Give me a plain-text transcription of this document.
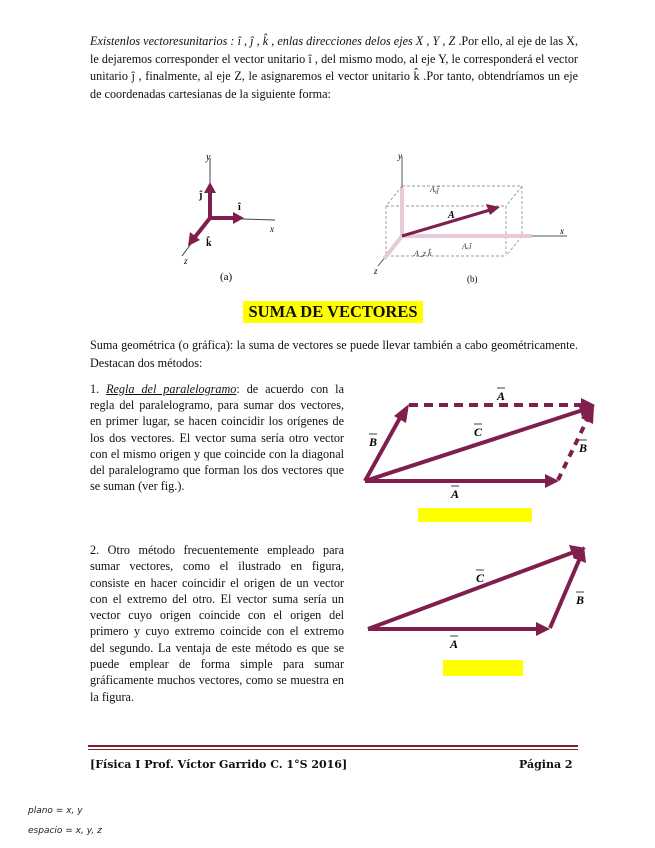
Existenlos vectoresunitarios : î , ĵ , k̂ , enlas direcciones delos ejes X , Y , Z .Por ello, al eje de las X, le dejaremos corresponder el vector unitario î , del mismo modo, al eje Y, le corresponderá el vector unitario ĵ , finalmente, al eje Z, le asignaremos el vector unitario k̂ .Por tanto, obtendríamos un eje de coordenadas cartesianas de la siguiente forma:
y
x
z
î
ĵ
k̂
(a)
y
x
z
Aᵧĵ
Aₓî
A_z k̂
A
(b)
SUMA DE VECTORES
Suma geométrica (o gráfica): la suma de vectores se puede llevar también a cabo geométricamente. Destacan dos métodos:
1. Regla del paralelogramo: de acuerdo con la regla del paralelogramo, para sumar dos vectores, en primer lugar, se hacen coincidir los orígenes de los dos vectores. El vector suma sería otro vector con el mismo origen y que coincide con la diagonal del paralelogramo que forman los dos vectores que se suman (ver fig.).
A
C
B	B
A
2. Otro método frecuentemente empleado para sumar vectores, como el ilustrado en figura, consiste en hacer coincidir el origen de un vector con el extremo del otro. El vector suma sería un vector cuyo origen coincide con el origen del primero y cuyo extremo coincide con el extremo del segundo. La ventaja de este método es que se puede emplear de forma simple para sumar gráficamente muchos vectores, como se muestra en la figura.
C
B
A
[Física I Prof. Víctor Garrido C. 1°S 2016]	Página 2
plano = x, y
espacio = x, y, z
